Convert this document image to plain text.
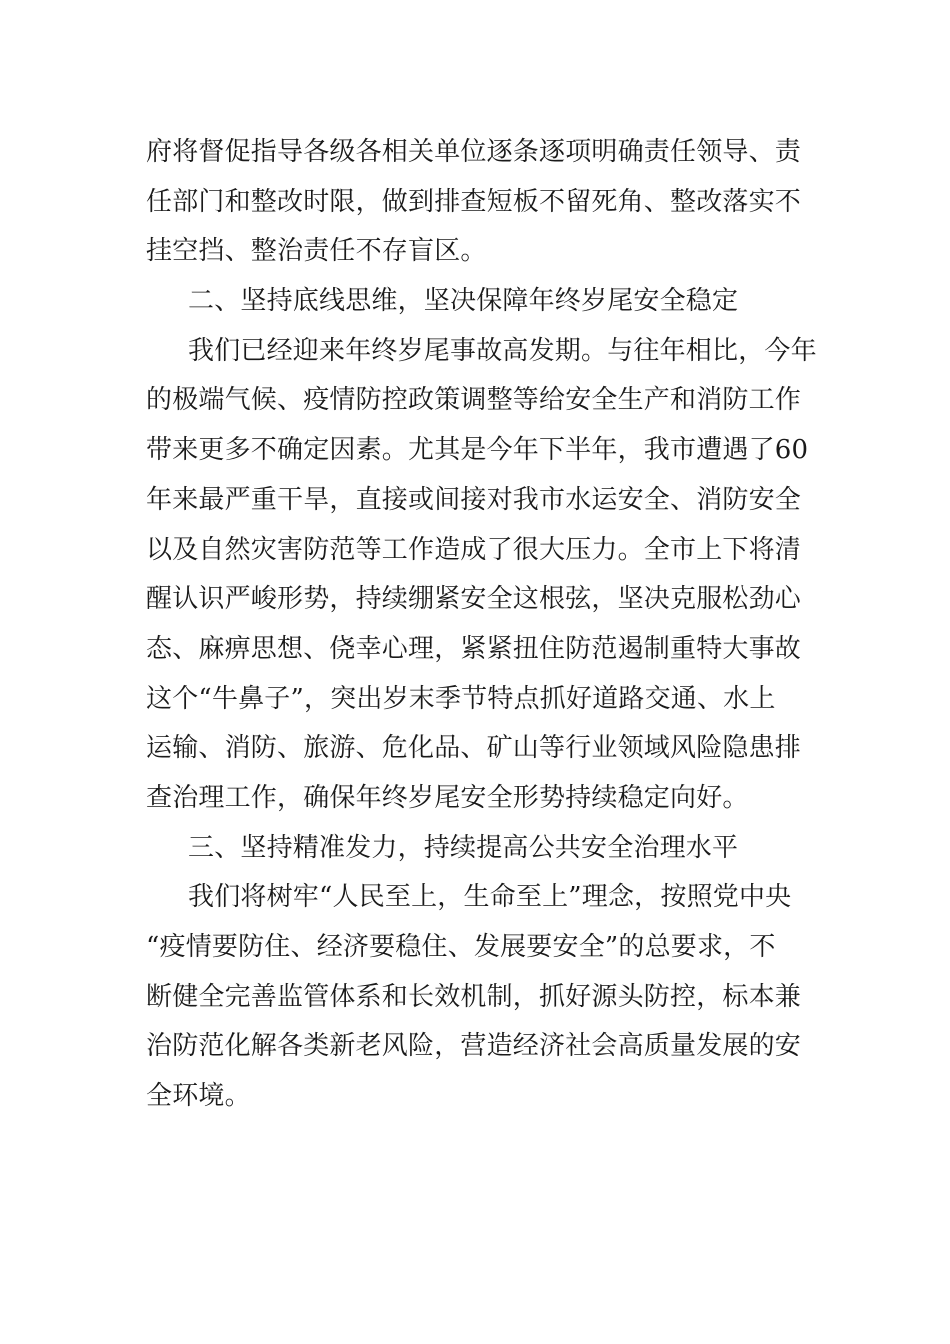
府将督促指导各级各相关单位逐条逐项明确责任领导、责
任部门和整改时限，做到排查短板不留死角、整改落实不
挂空挡、整治责任不存盲区。
二、坚持底线思维，坚决保障年终岁尾安全稳定
我们已经迎来年终岁尾事故高发期。与往年相比，今年
的极端气候、疫情防控政策调整等给安全生产和消防工作
带来更多不确定因素。尤其是今年下半年，我市遭遇了60
年来最严重干旱，直接或间接对我市水运安全、消防安全
以及自然灾害防范等工作造成了很大压力。全市上下将清
醒认识严峻形势，持续绷紧安全这根弦，坚决克服松劲心
态、麻痹思想、侥幸心理，紧紧扭住防范遏制重特大事故
这个“牛鼻子”，突出岁末季节特点抓好道路交通、水上
运输、消防、旅游、危化品、矿山等行业领域风险隐患排
查治理工作，确保年终岁尾安全形势持续稳定向好。
三、坚持精准发力，持续提高公共安全治理水平
我们将树牢“人民至上，生命至上”理念，按照党中央
“疫情要防住、经济要稳住、发展要安全”的总要求，不
断健全完善监管体系和长效机制，抓好源头防控，标本兼
治防范化解各类新老风险，营造经济社会高质量发展的安
全环境。
